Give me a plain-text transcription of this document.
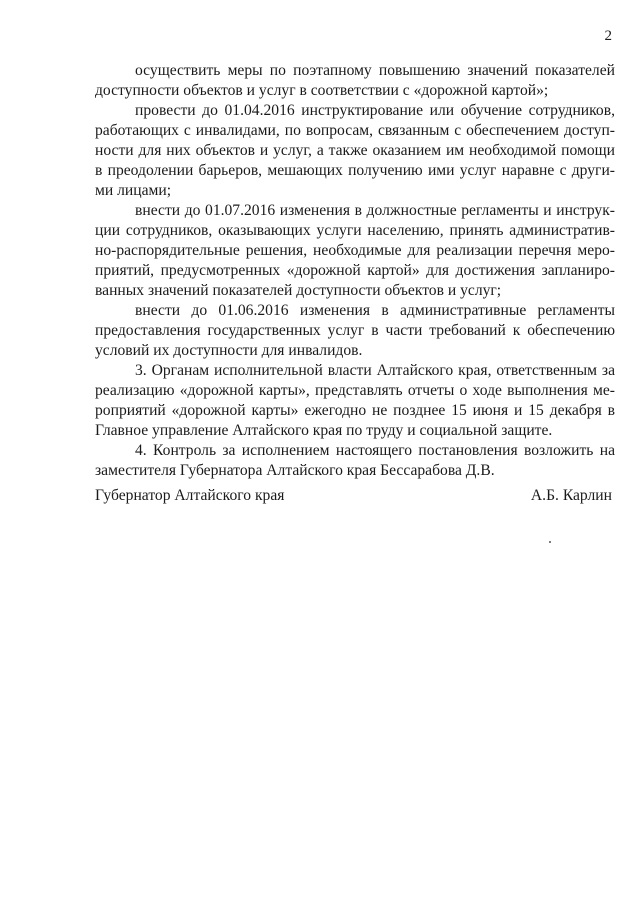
2
осуществить меры по поэтапному повышению значений показателей
доступности объектов и услуг в соответствии с «дорожной картой»;
провести до 01.04.2016 инструктирование или обучение сотрудников,
работающих с инвалидами, по вопросам, связанным с обеспечением доступ-
ности для них объектов и услуг, а также оказанием им необходимой помощи
в преодолении барьеров, мешающих получению ими услуг наравне с други-
ми лицами;
внести до 01.07.2016 изменения в должностные регламенты и инструк-
ции сотрудников, оказывающих услуги населению, принять административ-
но-распорядительные решения, необходимые для реализации перечня меро-
приятий, предусмотренных «дорожной картой» для достижения запланиро-
ванных значений показателей доступности объектов и услуг;
внести до 01.06.2016 изменения в административные регламенты
предоставления государственных услуг в части требований к обеспечению
условий их доступности для инвалидов.
3. Органам исполнительной власти Алтайского края, ответственным за
реализацию «дорожной карты», представлять отчеты о ходе выполнения ме-
роприятий «дорожной карты» ежегодно не позднее 15 июня и 15 декабря в
Главное управление Алтайского края по труду и социальной защите.
4. Контроль за исполнением настоящего постановления возложить на
заместителя Губернатора Алтайского края Бессарабова Д.В.
Губернатор Алтайского края	А.Б. Карлин
